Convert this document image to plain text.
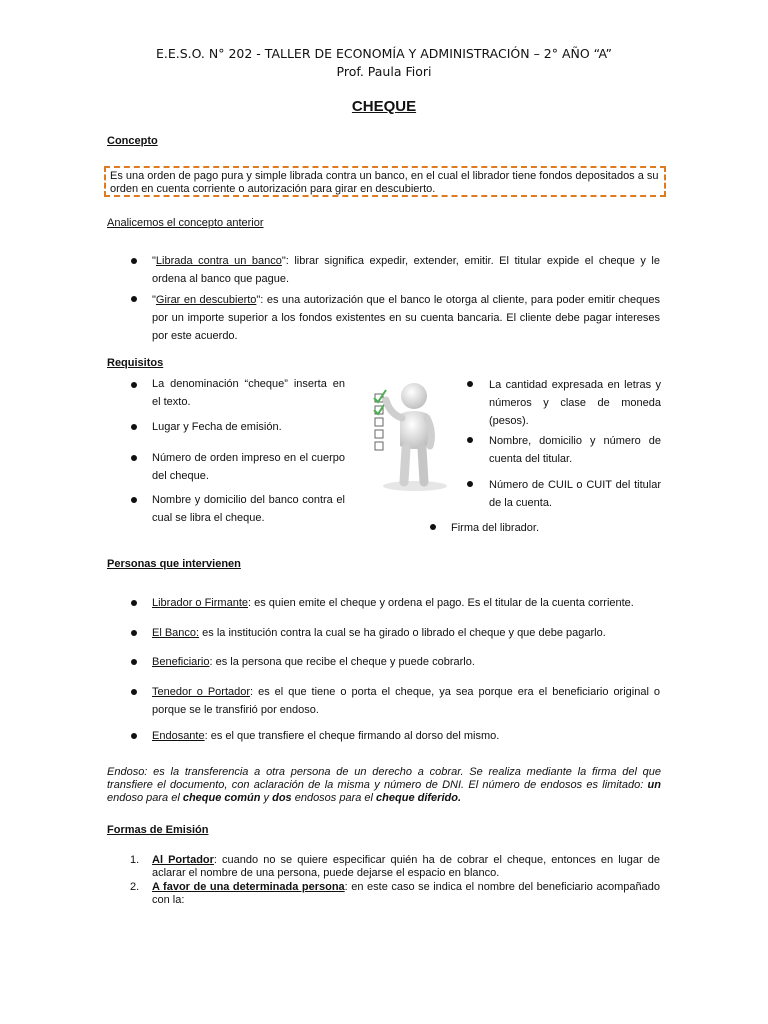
E.E.S.O. N° 202 - TALLER DE ECONOMÍA Y ADMINISTRACIÓN – 2° AÑO “A”
Prof. Paula Fiori
CHEQUE
Concepto
Es una orden de pago pura y simple librada contra un banco, en el cual el librador tiene fondos depositados a su orden en cuenta corriente o autorización para girar en descubierto.
Analicemos el concepto anterior
"Librada contra un banco": librar significa expedir, extender, emitir. El titular expide el cheque y le ordena al banco que pague.
"Girar en descubierto": es una autorización que el banco le otorga al cliente, para poder emitir cheques por un importe superior a los fondos existentes en su cuenta bancaria. El cliente debe pagar intereses por este acuerdo.
Requisitos
La denominación “cheque” inserta en el texto.
Lugar y Fecha de emisión.
Número de orden impreso en el cuerpo del cheque.
Nombre y domicilio del banco contra el cual se libra el cheque.
La cantidad expresada en letras y números y clase de moneda (pesos).
Nombre, domicilio y número de cuenta del titular.
Número de CUIL o CUIT del titular de la cuenta.
Firma del librador.
Personas que intervienen
Librador o Firmante: es quien emite el cheque y ordena el pago. Es el titular de la cuenta corriente.
El Banco: es la institución contra la cual se ha girado o librado el cheque y que debe pagarlo.
Beneficiario: es la persona que recibe el cheque y puede cobrarlo.
Tenedor o Portador: es el que tiene o porta el cheque, ya sea porque era el beneficiario original o porque se le transfirió por endoso.
Endosante: es el que transfiere el cheque firmando al dorso del mismo.
Endoso: es la transferencia a otra persona de un derecho a cobrar. Se realiza mediante la firma del que transfiere el documento, con aclaración de la misma y número de DNI. El número de endosos es limitado: un endoso para el cheque común y dos endosos para el cheque diferido.
Formas de Emisión
1. Al Portador: cuando no se quiere especificar quién ha de cobrar el cheque, entonces en lugar de aclarar el nombre de una persona, puede dejarse el espacio en blanco.
2. A favor de una determinada persona: en este caso se indica el nombre del beneficiario acompañado con la:
